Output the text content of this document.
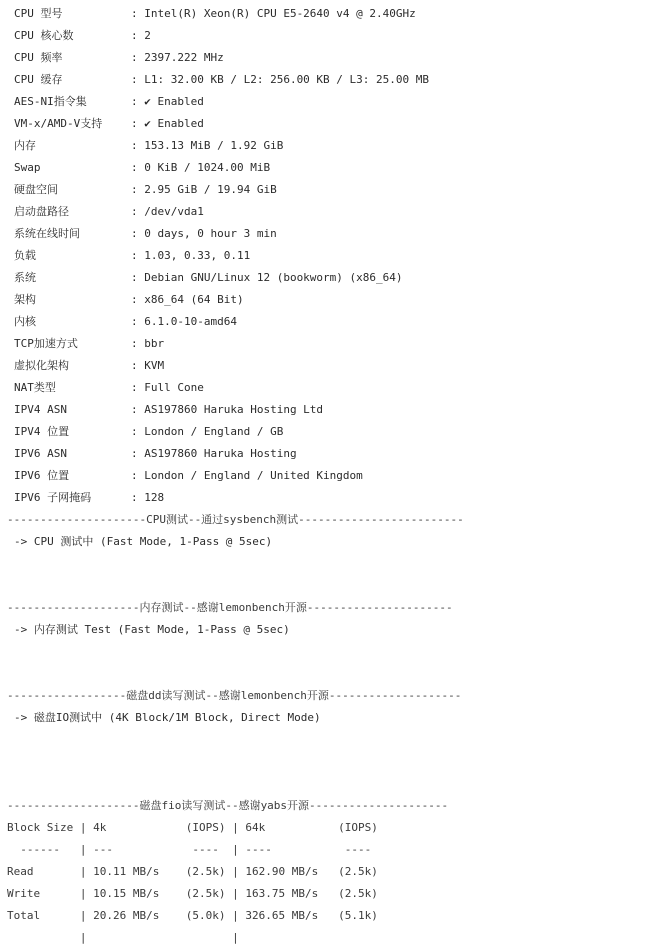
CPU 型号	: Intel(R) Xeon(R) CPU E5-2640 v4 @ 2.40GHz
CPU 核心数	: 2
CPU 频率	: 2397.222 MHz
CPU 缓存	: L1: 32.00 KB / L2: 256.00 KB / L3: 25.00 MB
AES-NI指令集	: ✔ Enabled
VM-x/AMD-V支持	: ✔ Enabled
内存	: 153.13 MiB / 1.92 GiB
Swap	: 0 KiB / 1024.00 MiB
硬盘空间	: 2.95 GiB / 19.94 GiB
启动盘路径	: /dev/vda1
系统在线时间	: 0 days, 0 hour 3 min
负载	: 1.03, 0.33, 0.11
系统	: Debian GNU/Linux 12 (bookworm) (x86_64)
架构	: x86_64 (64 Bit)
内核	: 6.1.0-10-amd64
TCP加速方式	: bbr
虚拟化架构	: KVM
NAT类型	: Full Cone
IPV4 ASN	: AS197860 Haruka Hosting Ltd
IPV4 位置	: London / England / GB
IPV6 ASN	: AS197860 Haruka Hosting
IPV6 位置	: London / England / United Kingdom
IPV6 子网掩码	: 128
---------------------CPU测试--通过sysbench测试-------------------------
-> CPU 测试中 (Fast Mode, 1-Pass @ 5sec)

--------------------内存测试--感谢lemonbench开源----------------------
-> 内存测试 Test (Fast Mode, 1-Pass @ 5sec)

------------------磁盘dd读写测试--感谢lemonbench开源--------------------
-> 磁盘IO测试中 (4K Block/1M Block, Direct Mode)

--------------------磁盘fio读写测试--感谢yabs开源---------------------
Block Size | 4k            (IOPS) | 64k           (IOPS)
------   | ---            ----  | ----           ----
Read       | 10.11 MB/s    (2.5k) | 162.90 MB/s   (2.5k)
Write      | 10.15 MB/s    (2.5k) | 163.75 MB/s   (2.5k)
Total      | 20.26 MB/s    (5.0k) | 326.65 MB/s   (5.1k)
|                      |
